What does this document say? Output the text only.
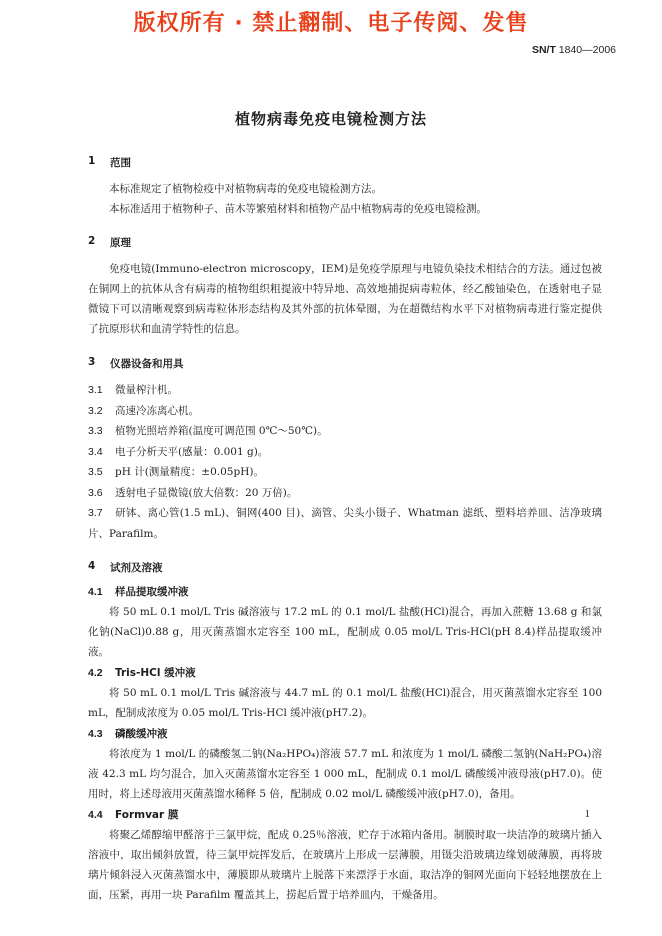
版权所有 · 禁止翻制、电子传阅、发售
SN/T 1840—2006
植物病毒免疫电镜检测方法
1	范围

本标准规定了植物检疫中对植物病毒的免疫电镜检测方法。

本标准适用于植物种子、苗木等繁殖材料和植物产品中植物病毒的免疫电镜检测。

2	原理

免疫电镜(Immuno-electron microscopy，IEM)是免疫学原理与电镜负染技术相结合的方法。通过包被在铜网上的抗体从含有病毒的植物组织粗提液中特异地、高效地捕捉病毒粒体，经乙酸铀染色，在透射电子显微镜下可以清晰观察到病毒粒体形态结构及其外部的抗体晕圈，为在超微结构水平下对植物病毒进行鉴定提供了抗原形状和血清学特性的信息。

3	仪器设备和用具
3.1	微量榨汁机。
3.2	高速冷冻离心机。
3.3	植物光照培养箱(温度可调范围 0℃～50℃)。
3.4	电子分析天平(感量：0.001 g)。
3.5	pH 计(测量精度：±0.05pH)。
3.6	透射电子显微镜(放大倍数：20 万倍)。
3.7 研钵、离心管(1.5 mL)、铜网(400 目)、滴管、尖头小镊子、Whatman 滤纸、塑料培养皿、洁净玻璃片、Parafilm。
4	试剂及溶液
4.1	样品提取缓冲液

将 50 mL 0.1 mol/L Tris 碱溶液与 17.2 mL 的 0.1 mol/L 盐酸(HCl)混合，再加入蔗糖 13.68 g 和氯化钠(NaCl)0.88 g，用灭菌蒸馏水定容至 100 mL，配制成 0.05 mol/L Tris-HCl(pH 8.4)样品提取缓冲液。

4.2	Tris-HCl 缓冲液

将 50 mL 0.1 mol/L Tris 碱溶液与 44.7 mL 的 0.1 mol/L 盐酸(HCl)混合，用灭菌蒸馏水定容至 100 mL，配制成浓度为 0.05 mol/L Tris-HCl 缓冲液(pH7.2)。

4.3	磷酸缓冲液

将浓度为 1 mol/L 的磷酸氢二钠(Na₂HPO₄)溶液 57.7 mL 和浓度为 1 mol/L 磷酸二氢钠(NaH₂PO₄)溶液 42.3 mL 均匀混合，加入灭菌蒸馏水定容至 1 000 mL，配制成 0.1 mol/L 磷酸缓冲液母液(pH7.0)。使用时，将上述母液用灭菌蒸馏水稀释 5 倍，配制成 0.02 mol/L 磷酸缓冲液(pH7.0)，备用。

4.4	Formvar 膜

将聚乙烯醇缩甲醛溶于三氯甲烷，配成 0.25％溶液，贮存于冰箱内备用。制膜时取一块洁净的玻璃片插入溶液中，取出倾斜放置，待三氯甲烷挥发后，在玻璃片上形成一层薄膜，用镊尖沿玻璃边缘划破薄膜，再将玻璃片倾斜浸入灭菌蒸馏水中，薄膜即从玻璃片上脱落下来漂浮于水面，取洁净的铜网光面向下轻轻地摆放在上面，压紧，再用一块 Parafilm 覆盖其上，捞起后置于培养皿内，干燥备用。

1
